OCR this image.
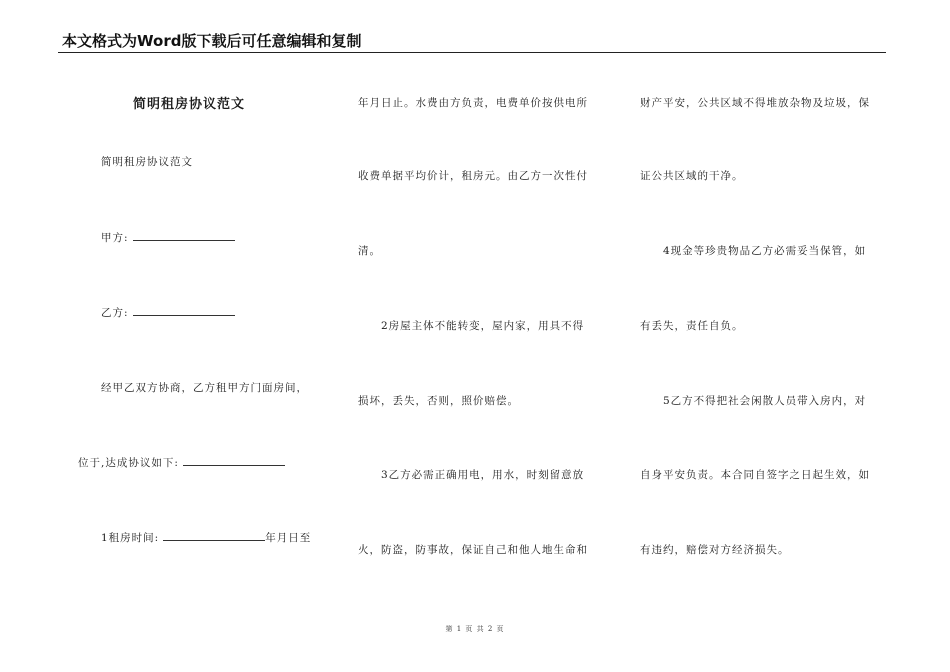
本文格式为Word版下载后可任意编辑和复制
简明租房协议范文
简明租房协议范文
甲方:
乙方:
经甲乙双方协商，乙方租甲方门面房间，
位于,达成协议如下:
1租房时间:	年月日至
年月日止。水费由方负责，电费单价按供电所
收费单据平均价计，租房元。由乙方一次性付
清。
2房屋主体不能转变，屋内家，用具不得
损坏，丢失，否则，照价赔偿。
3乙方必需正确用电，用水，时刻留意放
火，防盗，防事故，保证自己和他人地生命和
财产平安，公共区域不得堆放杂物及垃圾，保
证公共区域的干净。
4现金等珍贵物品乙方必需妥当保管，如
有丢失，责任自负。
5乙方不得把社会闲散人员带入房内，对
自身平安负责。本合同自签字之日起生效，如
有违约，赔偿对方经济损失。
第 1 页 共 2 页
